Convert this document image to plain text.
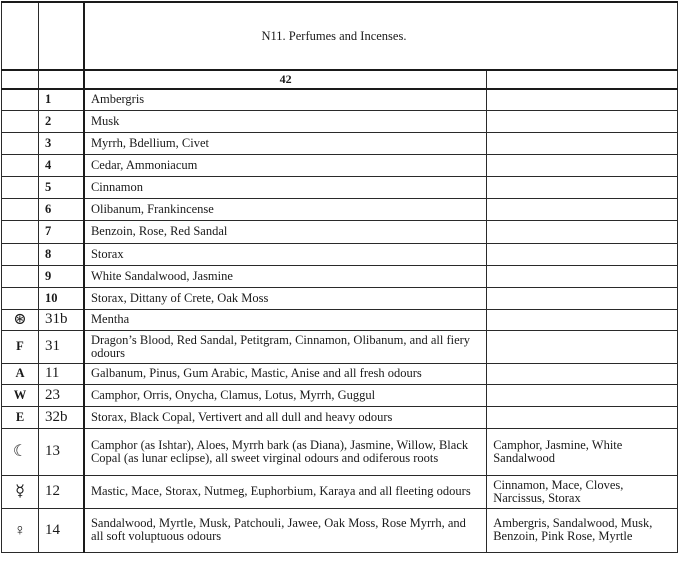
		N11. Perfumes and Incenses.	
		42	
	1	Ambergris	
	2	Musk	
	3	Myrrh, Bdellium, Civet	
	4	Cedar, Ammoniacum	
	5	Cinnamon	
	6	Olibanum, Frankincense	
	7	Benzoin, Rose, Red Sandal	
	8	Storax	
	9	White Sandalwood, Jasmine	
	10	Storax, Dittany of Crete, Oak Moss	
⊛	31b	Mentha	
F	31	Dragon’s Blood, Red Sandal, Petitgram, Cinnamon, Olibanum, and all fiery odours	
A	11	Galbanum, Pinus, Gum Arabic, Mastic, Anise and all fresh odours	
W	23	Camphor, Orris, Onycha, Clamus, Lotus, Myrrh, Guggul	
E	32b	Storax, Black Copal, Vertivert and all dull and heavy odours	
☾	13	Camphor (as Ishtar), Aloes, Myrrh bark (as Diana), Jasmine, Willow, Black Copal (as lunar eclipse), all sweet virginal odours and odiferous roots	Camphor, Jasmine, White Sandalwood
☿	12	Mastic, Mace, Storax, Nutmeg, Euphorbium, Karaya and all fleeting odours	Cinnamon, Mace, Cloves, Narcissus, Storax
♀	14	Sandalwood, Myrtle, Musk, Patchouli, Jawee, Oak Moss, Rose Myrrh, and all soft voluptuous odours	Ambergris, Sandalwood, Musk, Benzoin, Pink Rose, Myrtle
